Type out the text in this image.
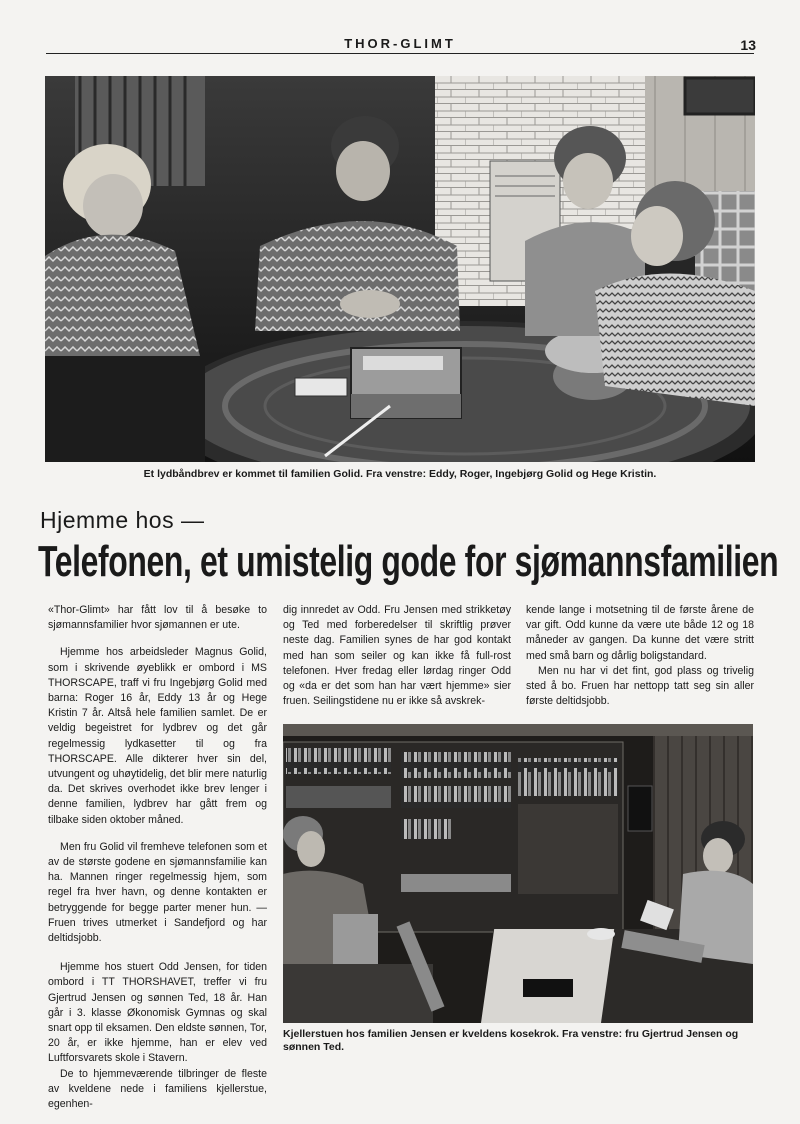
THOR-GLIMT	13
Et lydbåndbrev er kommet til familien Golid. Fra venstre: Eddy, Roger, Ingebjørg Golid og Hege Kristin.
Hjemme hos —
Telefonen, et umistelig gode for sjømannsfamilien

«Thor-Glimt» har fått lov til å besøke to sjømannsfamilier hvor sjømannen er ute.

Hjemme hos arbeidsleder Magnus Golid, som i skrivende øyeblikk er ombord i MS THORSCAPE, traff vi fru Ingebjørg Golid med barna: Roger 16 år, Eddy 13 år og Hege Kristin 7 år. Altså hele familien samlet. De er veldig begeistret for lydbrev og det går regelmessig lydkasetter til og fra THORSCAPE. Alle dikterer hver sin del, utvungent og uhøytidelig, det blir mere naturlig da. Det skrives overhodet ikke brev lenger i denne familien, lydbrev har gått frem og tilbake siden oktober måned.

Men fru Golid vil fremheve telefonen som et av de største godene en sjømannsfamilie kan ha. Mannen ringer regelmessig hjem, som regel fra hver havn, og denne kontakten er betryggende for begge parter mener hun. — Fruen trives utmerket i Sandefjord og har deltidsjobb.

Hjemme hos stuert Odd Jensen, for tiden ombord i TT THORSHAVET, treffer vi fru Gjertrud Jensen og sønnen Ted, 18 år. Han går i 3. klasse Økonomisk Gymnas og skal snart opp til eksamen. Den eldste sønnen, Tor, 20 år, er ikke hjemme, han er elev ved Luftforsvarets skole i Stavern.

De to hjemmeværende tilbringer de fleste av kveldene nede i familiens kjellerstue, egenhen-

dig innredet av Odd. Fru Jensen med strikketøy og Ted med forberedelser til skriftlig prøver neste dag. Familien synes de har god kontakt med han som seiler og kan ikke få full-rost telefonen. Hver fredag eller lørdag ringer Odd og «da er det som han har vært hjemme» sier fruen. Seilingstidene nu er ikke så avskrek-

kende lange i motsetning til de første årene de var gift. Odd kunne da være ute både 12 og 18 måneder av gangen. Da kunne det være stritt med små barn og dårlig boligstandard.

Men nu har vi det fint, god plass og trivelig sted å bo. Fruen har nettopp tatt seg sin aller første deltidsjobb.

Kjellerstuen hos familien Jensen er kveldens kosekrok. Fra venstre: fru Gjertrud Jensen og sønnen Ted.
